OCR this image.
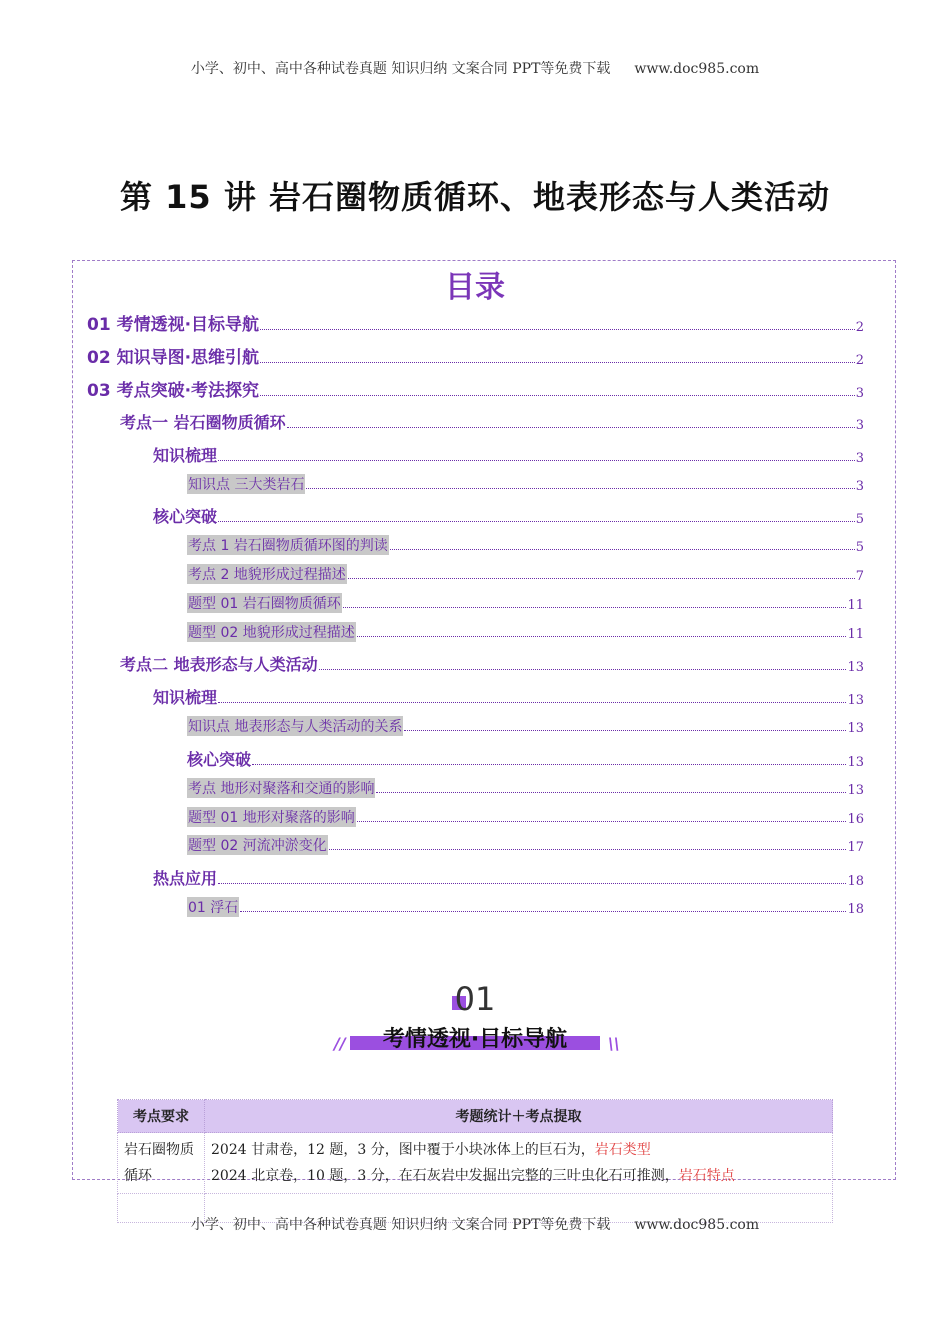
小学、初中、高中各种试卷真题 知识归纳 文案合同 PPT等免费下载 www.doc985.com
第 15 讲 岩石圈物质循环、地表形态与人类活动
目录
01 考情透视·目标导航	2
02 知识导图·思维引航	2
03 考点突破·考法探究	3
考点一 岩石圈物质循环	3
知识梳理	3
知识点 三大类岩石	3
核心突破	5
考点 1 岩石圈物质循环图的判读	5
考点 2 地貌形成过程描述	7
题型 01 岩石圈物质循环	11
题型 02 地貌形成过程描述	11
考点二 地表形态与人类活动	13
知识梳理	13
知识点 地表形态与人类活动的关系	13
核心突破	13
考点 地形对聚落和交通的影响	13
题型 01 地形对聚落的影响	16
题型 02 河流冲淤变化	17
热点应用	18
01 浮石	18
01
//	\\
考情透视·目标导航
考点要求	考题统计＋考点提取
岩石圈物质循环	2024 甘肃卷，12 题，3 分，图中覆于小块冰体上的巨石为，岩石类型
2024 北京卷，10 题，3 分，在石灰岩中发掘出完整的三叶虫化石可推测，岩石特点

小学、初中、高中各种试卷真题 知识归纳 文案合同 PPT等免费下载 www.doc985.com
